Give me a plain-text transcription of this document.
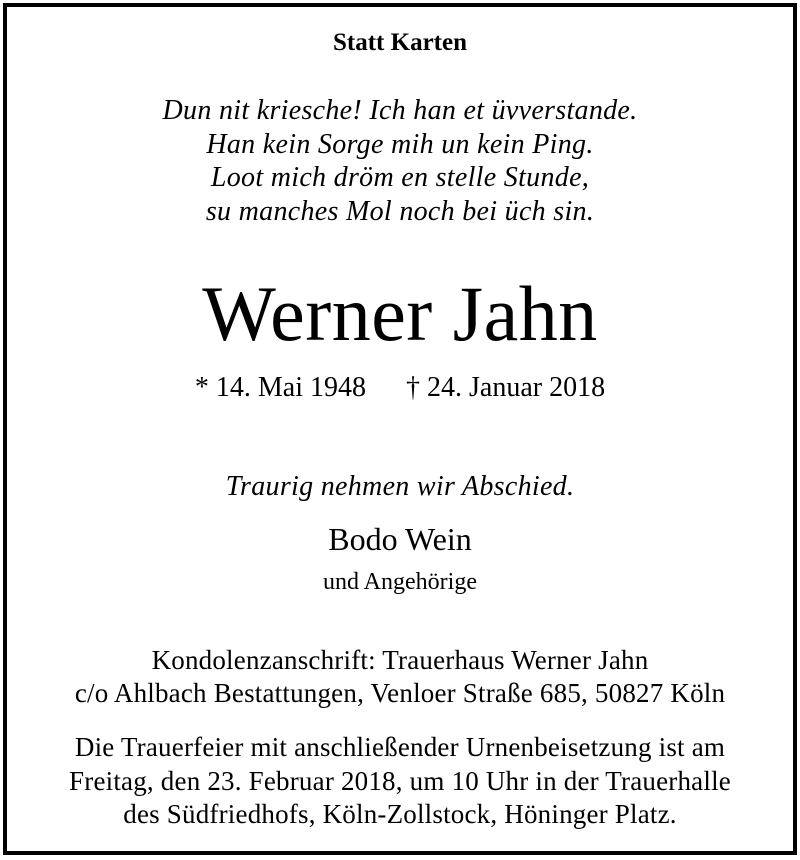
Statt Karten
Dun nit kriesche! Ich han et üvverstande.
Han kein Sorge mih un kein Ping.
Loot mich dröm en stelle Stunde,
su manches Mol noch bei üch sin.
Werner Jahn
* 14. Mai 1948 † 24. Januar 2018
Traurig nehmen wir Abschied.
Bodo Wein
und Angehörige
Kondolenzanschrift: Trauerhaus Werner Jahn
c/o Ahlbach Bestattungen, Venloer Straße 685, 50827 Köln
Die Trauerfeier mit anschließender Urnenbeisetzung ist am
Freitag, den 23. Februar 2018, um 10 Uhr in der Trauerhalle
des Südfriedhofs, Köln-Zollstock, Höninger Platz.
